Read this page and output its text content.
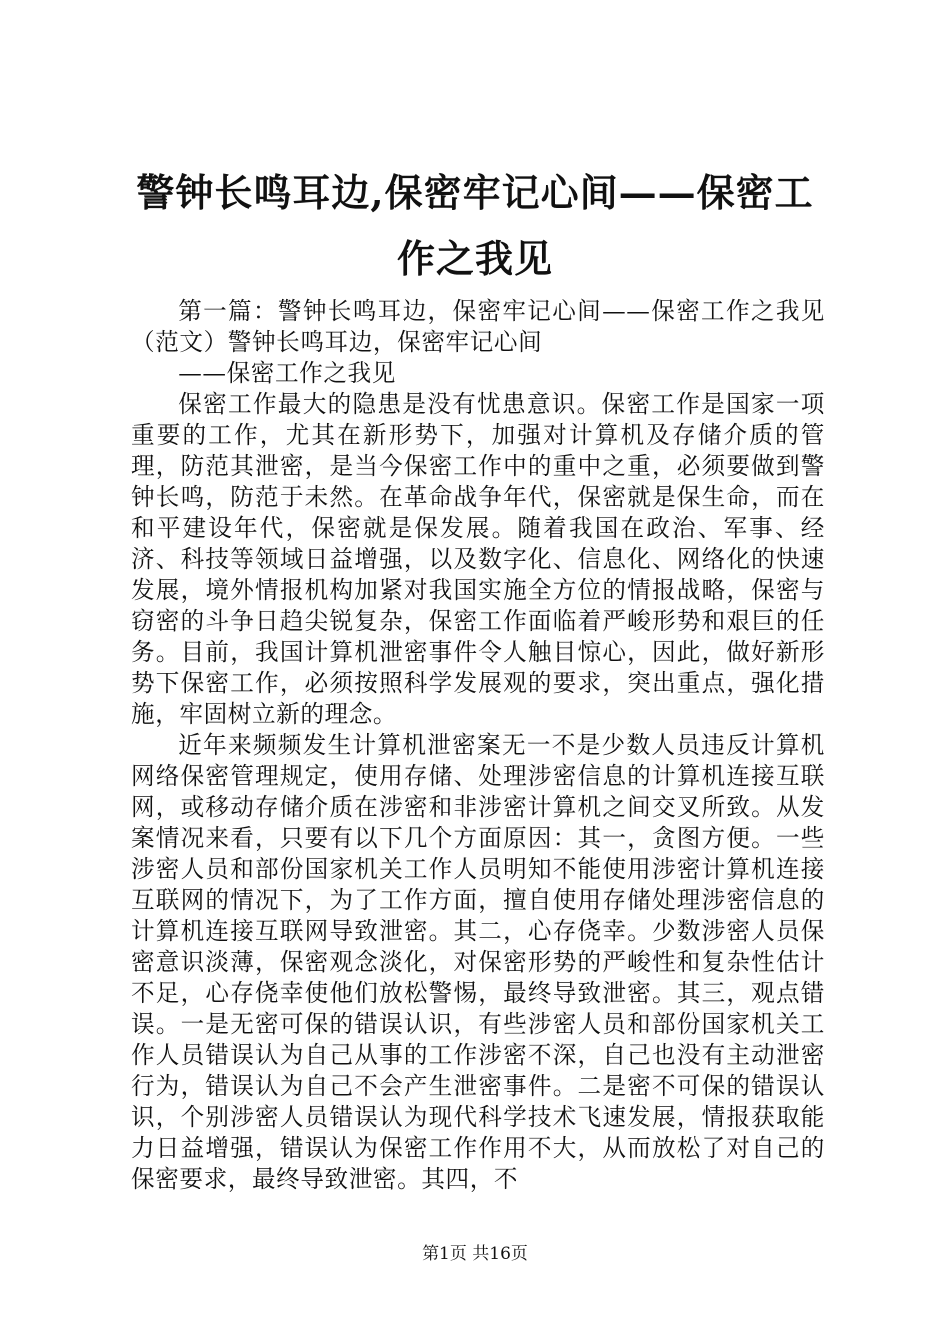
警钟长鸣耳边,保密牢记心间——保密工作之我见

第一篇：警钟长鸣耳边，保密牢记心间——保密工作之我见（范文）警钟长鸣耳边，保密牢记心间

——保密工作之我见

保密工作最大的隐患是没有忧患意识。保密工作是国家一项重要的工作，尤其在新形势下，加强对计算机及存储介质的管理，防范其泄密，是当今保密工作中的重中之重，必须要做到警钟长鸣，防范于未然。在革命战争年代，保密就是保生命，而在和平建设年代，保密就是保发展。随着我国在政治、军事、经济、科技等领域日益增强，以及数字化、信息化、网络化的快速发展，境外情报机构加紧对我国实施全方位的情报战略，保密与窃密的斗争日趋尖锐复杂，保密工作面临着严峻形势和艰巨的任务。目前，我国计算机泄密事件令人触目惊心，因此，做好新形势下保密工作，必须按照科学发展观的要求，突出重点，强化措施，牢固树立新的理念。

近年来频频发生计算机泄密案无一不是少数人员违反计算机网络保密管理规定，使用存储、处理涉密信息的计算机连接互联网，或移动存储介质在涉密和非涉密计算机之间交叉所致。从发案情况来看，只要有以下几个方面原因：其一，贪图方便。一些涉密人员和部份国家机关工作人员明知不能使用涉密计算机连接互联网的情况下，为了工作方面，擅自使用存储处理涉密信息的计算机连接互联网导致泄密。其二，心存侥幸。少数涉密人员保密意识淡薄，保密观念淡化，对保密形势的严峻性和复杂性估计不足，心存侥幸使他们放松警惕，最终导致泄密。其三，观点错误。一是无密可保的错误认识，有些涉密人员和部份国家机关工作人员错误认为自己从事的工作涉密不深，自己也没有主动泄密行为，错误认为自己不会产生泄密事件。二是密不可保的错误认识，个别涉密人员错误认为现代科学技术飞速发展，情报获取能力日益增强，错误认为保密工作作用不大，从而放松了对自己的保密要求，最终导致泄密。其四，不

第1页 共16页
